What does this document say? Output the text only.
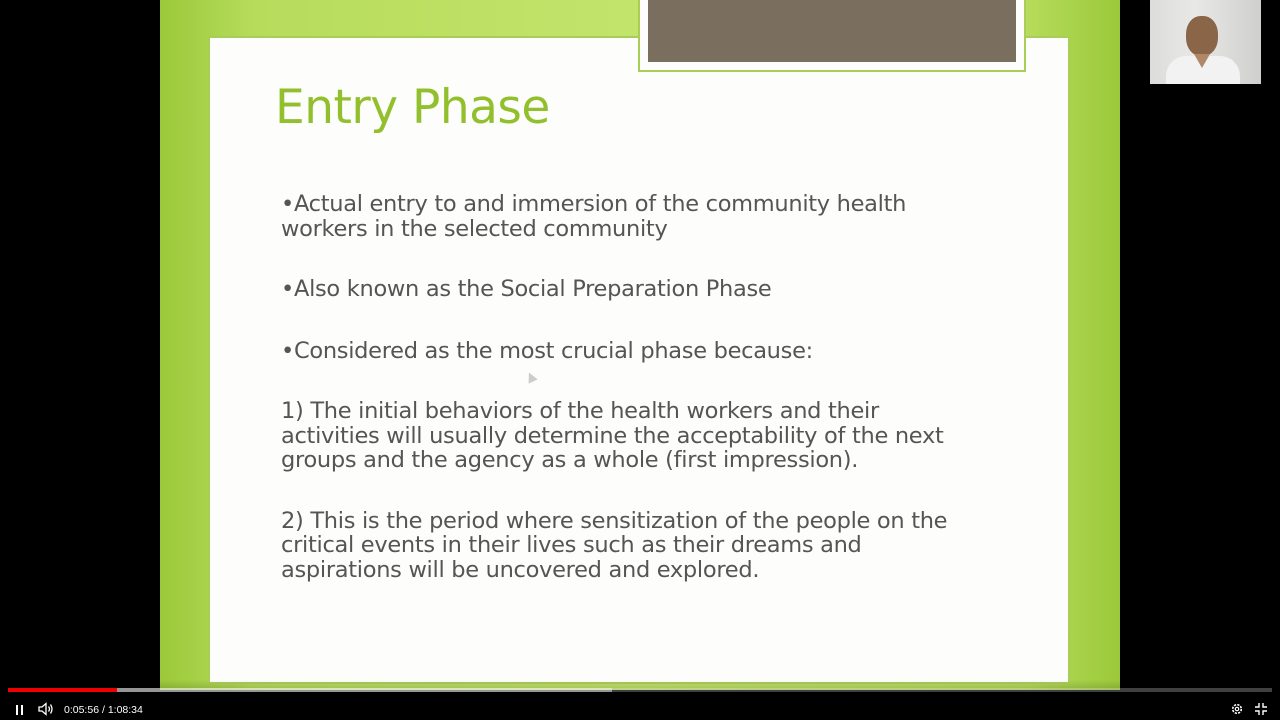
Entry Phase

•Actual entry to and immersion of the community health workers in the selected community

•Also known as the Social Preparation Phase

•Considered as the most crucial phase because:

1) The initial behaviors of the health workers and their activities will usually determine the acceptability of the next groups and the agency as a whole (first impression).

2) This is the period where sensitization of the people on the critical events in their lives such as their dreams and aspirations will be uncovered and explored.

0:05:56 / 1:08:34
